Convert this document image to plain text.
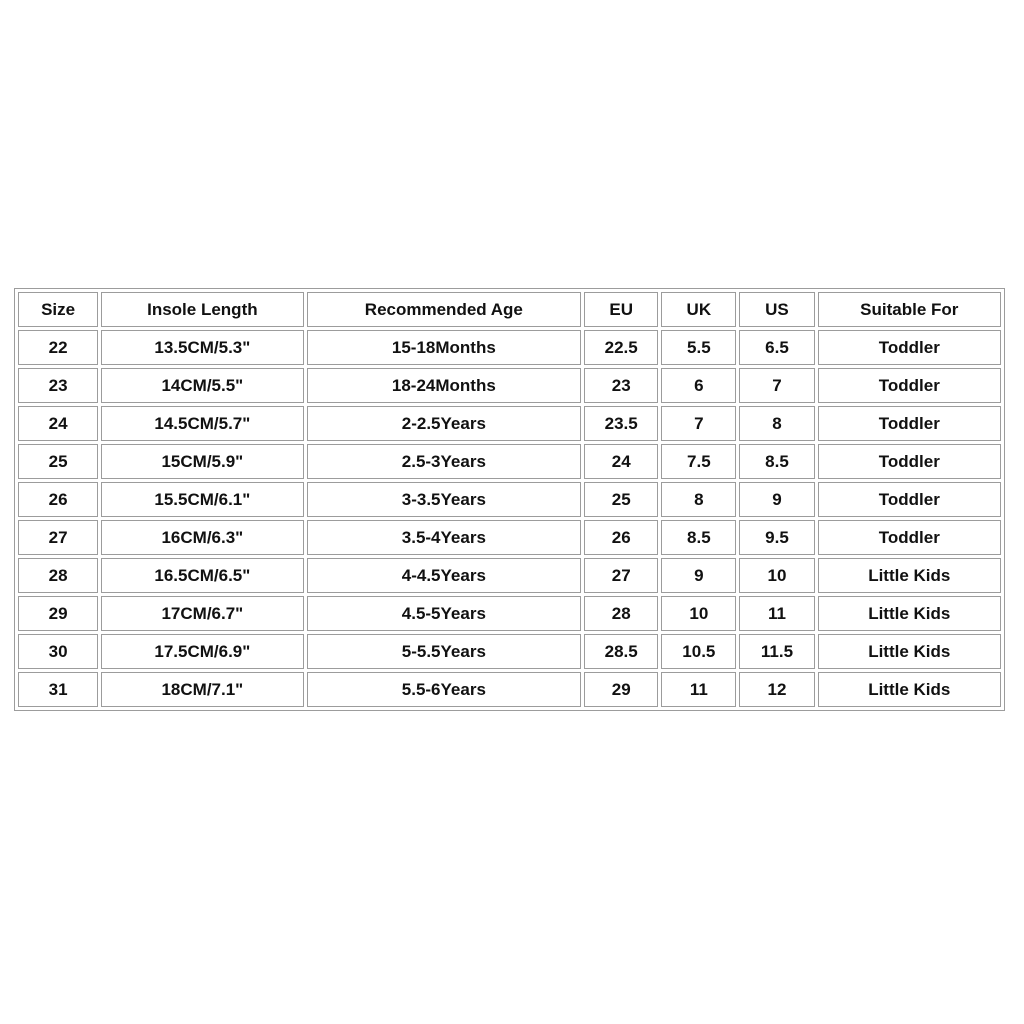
Size	Insole Length	Recommended Age	EU	UK	US	Suitable For
22	13.5CM/5.3"	15-18Months	22.5	5.5	6.5	Toddler
23	14CM/5.5"	18-24Months	23	6	7	Toddler
24	14.5CM/5.7"	2-2.5Years	23.5	7	8	Toddler
25	15CM/5.9"	2.5-3Years	24	7.5	8.5	Toddler
26	15.5CM/6.1"	3-3.5Years	25	8	9	Toddler
27	16CM/6.3"	3.5-4Years	26	8.5	9.5	Toddler
28	16.5CM/6.5"	4-4.5Years	27	9	10	Little Kids
29	17CM/6.7"	4.5-5Years	28	10	11	Little Kids
30	17.5CM/6.9"	5-5.5Years	28.5	10.5	11.5	Little Kids
31	18CM/7.1"	5.5-6Years	29	11	12	Little Kids
